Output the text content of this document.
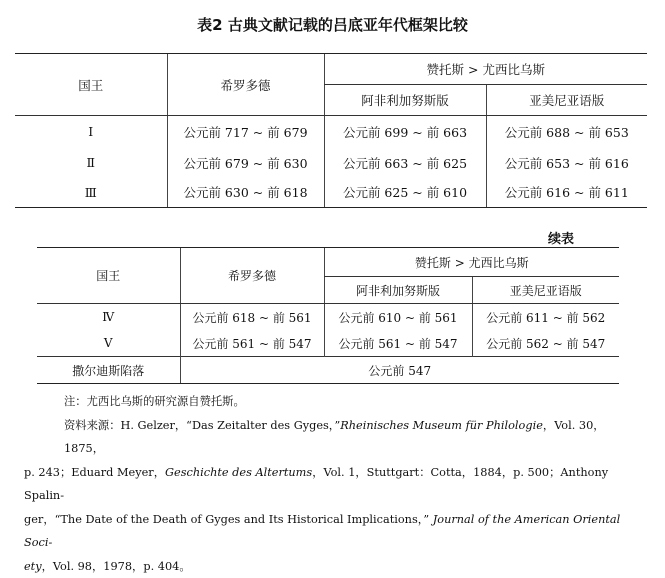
表2 古典文献记载的吕底亚年代框架比较
国王	希罗多德	赞托斯 > 尤西比乌斯	
		阿非利加努斯版	亚美尼亚语版
Ⅰ	公元前 717 ~ 前 679	公元前 699 ~ 前 663	公元前 688 ~ 前 653
Ⅱ	公元前 679 ~ 前 630	公元前 663 ~ 前 625	公元前 653 ~ 前 616
Ⅲ	公元前 630 ~ 前 618	公元前 625 ~ 前 610	公元前 616 ~ 前 611
续表
国王	希罗多德	赞托斯 > 尤西比乌斯	
		阿非利加努斯版	亚美尼亚语版
Ⅳ	公元前 618 ~ 前 561	公元前 610 ~ 前 561	公元前 611 ~ 前 562
Ⅴ	公元前 561 ~ 前 547	公元前 561 ~ 前 547	公元前 562 ~ 前 547
撒尔迪斯陷落	公元前 547		

注：尤西比乌斯的研究源自赞托斯。

资料来源：H. Gelzer，“Das Zeitalter des Gyges，”Rheinisches Museum für Philologie，Vol. 30，1875，

p. 243；Eduard Meyer，Geschichte des Altertums，Vol. 1，Stuttgart：Cotta，1884，p. 500；Anthony Spalin-

ger，“The Date of the Death of Gyges and Its Historical Implications，” Journal of the American Oriental Soci-

ety，Vol. 98，1978，p. 404。
